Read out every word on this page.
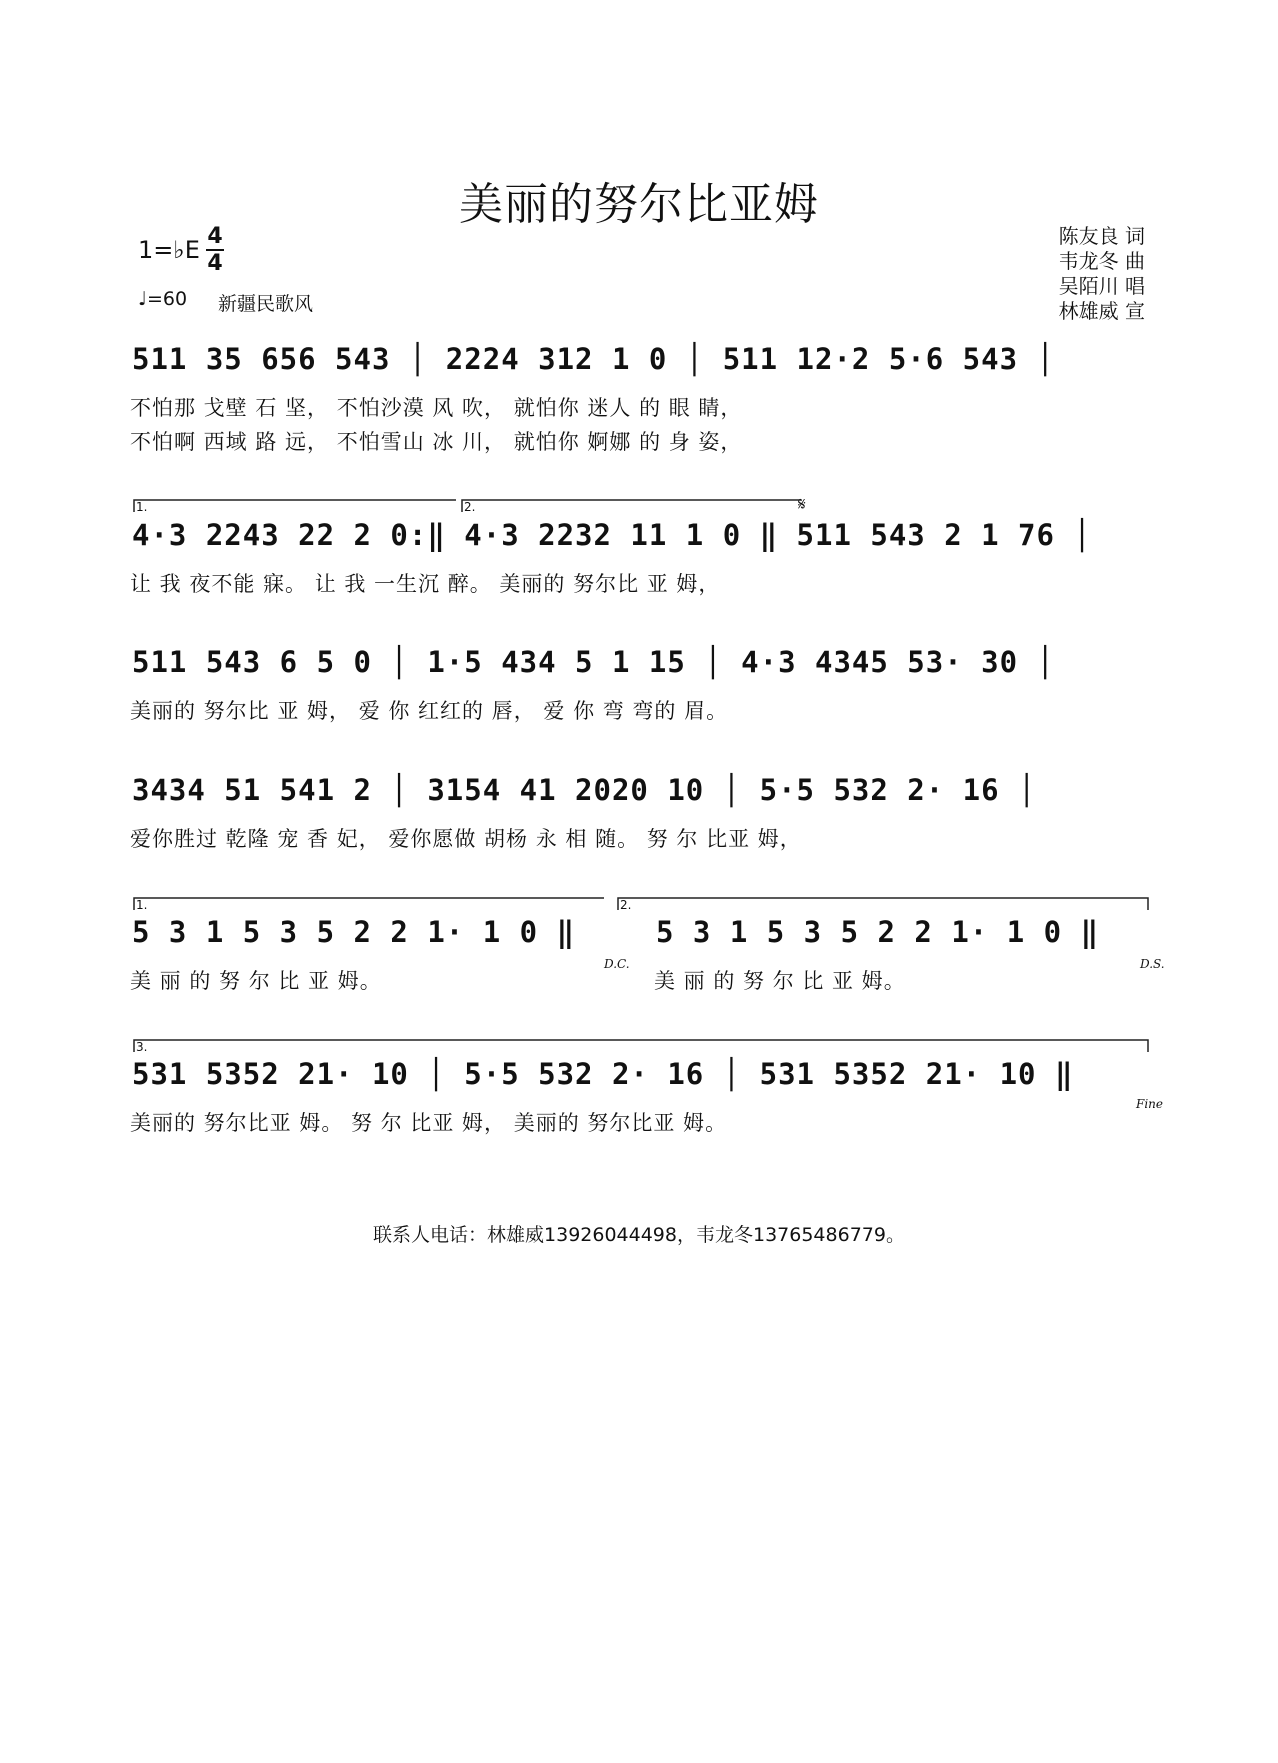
美丽的努尔比亚姆
陈友良 词
韦龙冬 曲
吴陌川 唱
林雄威 宣
1=♭E 4
4
♩=60 新疆民歌风
511 35 656 543 │ 2224 312 1 0 │ 511 12·2 5·6 543 │
不怕那 戈壁 石 坚， 不怕沙漠 风 吹， 就怕你 迷人 的 眼 睛，
不怕啊 西域 路 远， 不怕雪山 冰 川， 就怕你 婀娜 的 身 姿，
1.	2.	𝄋
4·3 2243 22 2 0:‖ 4·3 2232 11 1 0 ‖ 511 543 2 1 76 │
让 我 夜不能 寐。 让 我 一生沉 醉。 美丽的 努尔比 亚 姆，
511 543 6 5 0 │ 1·5 434 5 1 15 │ 4·3 4345 53· 30 │
美丽的 努尔比 亚 姆， 爱 你 红红的 唇， 爱 你 弯 弯的 眉。
3434 51 541 2 │ 3154 41 2020 10 │ 5·5 532 2· 16 │
爱你胜过 乾隆 宠 香 妃， 爱你愿做 胡杨 永 相 随。 努 尔 比亚 姆，
1.	2.
5 3 1 5 3 5 2 2 1· 1 0 ‖	5 3 1 5 3 5 2 2 1· 1 0 ‖
D.C.	D.S.
美 丽 的 努 尔 比 亚 姆。	美 丽 的 努 尔 比 亚 姆。
3.
531 5352 21· 10 │ 5·5 532 2· 16 │ 531 5352 21· 10 ‖
Fine
美丽的 努尔比亚 姆。 努 尔 比亚 姆， 美丽的 努尔比亚 姆。
联系人电话：林雄威13926044498，韦龙冬13765486779。
